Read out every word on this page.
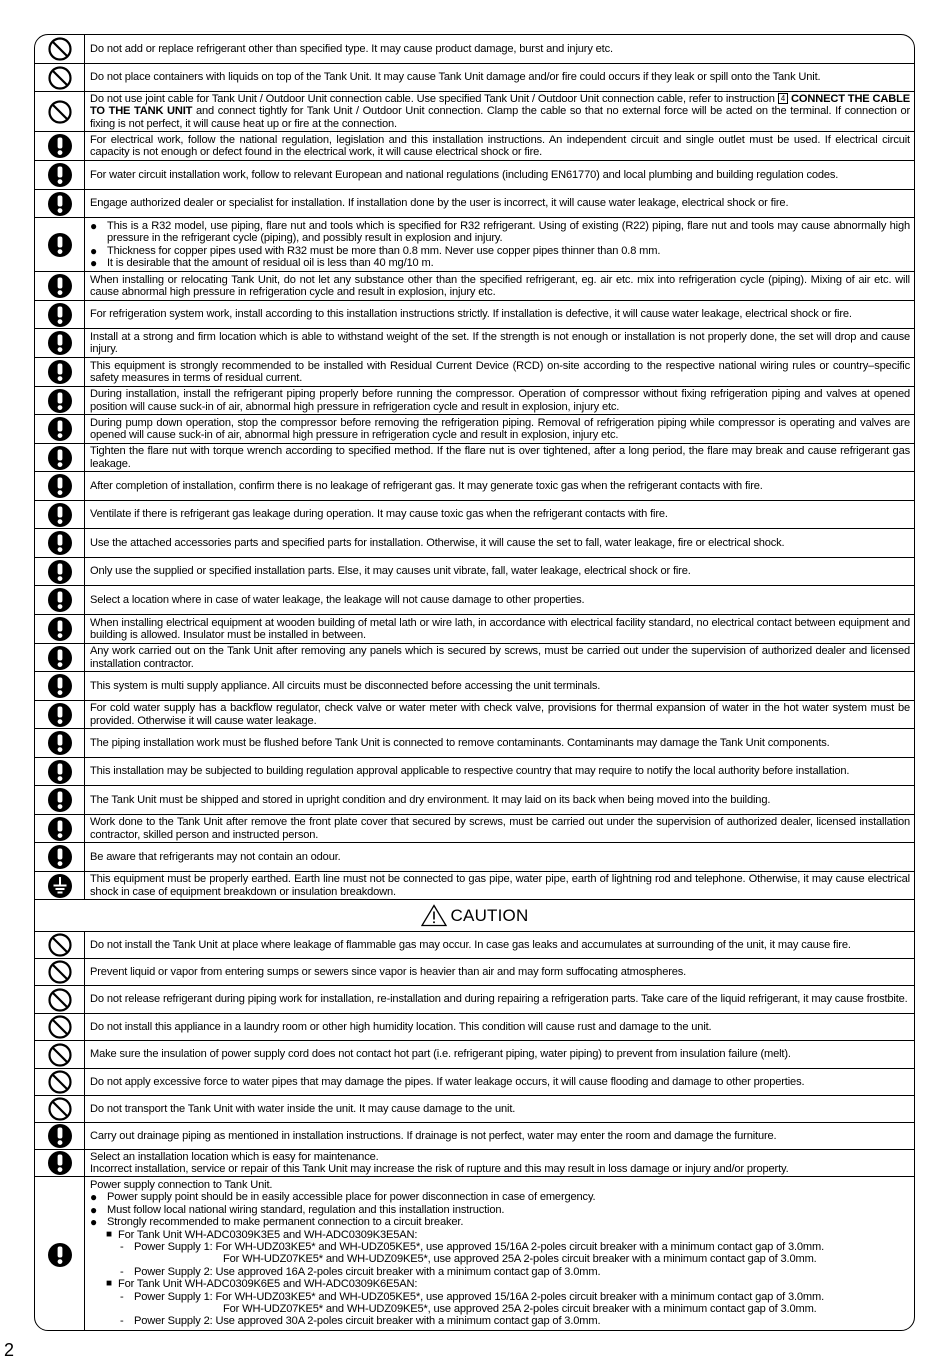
Do not add or replace refrigerant other than specified type. It may cause product damage, burst and injury etc.
Do not place containers with liquids on top of the Tank Unit. It may cause Tank Unit damage and/or fire could occurs if they leak or spill onto the Tank Unit.
Do not use joint cable for Tank Unit / Outdoor Unit connection cable. Use specified Tank Unit / Outdoor Unit connection cable, refer to instruction 4 CONNECT THE CABLE TO THE TANK UNIT and connect tightly for Tank Unit / Outdoor Unit connection. Clamp the cable so that no external force will be acted on the terminal. If connection or fixing is not perfect, it will cause heat up or fire at the connection.
For electrical work, follow the national regulation, legislation and this installation instructions. An independent circuit and single outlet must be used. If electrical circuit capacity is not enough or defect found in the electrical work, it will cause electrical shock or fire.
For water circuit installation work, follow to relevant European and national regulations (including EN61770) and local plumbing and building regulation codes.
Engage authorized dealer or specialist for installation. If installation done by the user is incorrect, it will cause water leakage, electrical shock or fire.
● This is a R32 model, use piping, flare nut and tools which is specified for R32 refrigerant. Using of existing (R22) piping, flare nut and tools may cause abnormally high pressure in the refrigerant cycle (piping), and possibly result in explosion and injury.
● Thickness for copper pipes used with R32 must be more than 0.8 mm. Never use copper pipes thinner than 0.8 mm.
● It is desirable that the amount of residual oil is less than 40 mg/10 m.
When installing or relocating Tank Unit, do not let any substance other than the specified refrigerant, eg. air etc. mix into refrigeration cycle (piping). Mixing of air etc. will cause abnormal high pressure in refrigeration cycle and result in explosion, injury etc.
For refrigeration system work, install according to this installation instructions strictly. If installation is defective, it will cause water leakage, electrical shock or fire.
Install at a strong and firm location which is able to withstand weight of the set. If the strength is not enough or installation is not properly done, the set will drop and cause injury.
This equipment is strongly recommended to be installed with Residual Current Device (RCD) on-site according to the respective national wiring rules or country–specific safety measures in terms of residual current.
During installation, install the refrigerant piping properly before running the compressor. Operation of compressor without fixing refrigeration piping and valves at opened position will cause suck-in of air, abnormal high pressure in refrigeration cycle and result in explosion, injury etc.
During pump down operation, stop the compressor before removing the refrigeration piping. Removal of refrigeration piping while compressor is operating and valves are opened will cause suck-in of air, abnormal high pressure in refrigeration cycle and result in explosion, injury etc.
Tighten the flare nut with torque wrench according to specified method. If the flare nut is over tightened, after a long period, the flare may break and cause refrigerant gas leakage.
After completion of installation, confirm there is no leakage of refrigerant gas. It may generate toxic gas when the refrigerant contacts with fire.
Ventilate if there is refrigerant gas leakage during operation. It may cause toxic gas when the refrigerant contacts with fire.
Use the attached accessories parts and specified parts for installation. Otherwise, it will cause the set to fall, water leakage, fire or electrical shock.
Only use the supplied or specified installation parts. Else, it may causes unit vibrate, fall, water leakage, electrical shock or fire.
Select a location where in case of water leakage, the leakage will not cause damage to other properties.
When installing electrical equipment at wooden building of metal lath or wire lath, in accordance with electrical facility standard, no electrical contact between equipment and building is allowed. Insulator must be installed in between.
Any work carried out on the Tank Unit after removing any panels which is secured by screws, must be carried out under the supervision of authorized dealer and licensed installation contractor.
This system is multi supply appliance. All circuits must be disconnected before accessing the unit terminals.
For cold water supply has a backflow regulator, check valve or water meter with check valve, provisions for thermal expansion of water in the hot water system must be provided. Otherwise it will cause water leakage.
The piping installation work must be flushed before Tank Unit is connected to remove contaminants. Contaminants may damage the Tank Unit components.
This installation may be subjected to building regulation approval applicable to respective country that may require to notify the local authority before installation.
The Tank Unit must be shipped and stored in upright condition and dry environment. It may laid on its back when being moved into the building.
Work done to the Tank Unit after remove the front plate cover that secured by screws, must be carried out under the supervision of authorized dealer, licensed installation contractor, skilled person and instructed person.
Be aware that refrigerants may not contain an odour.
This equipment must be properly earthed. Earth line must not be connected to gas pipe, water pipe, earth of lightning rod and telephone. Otherwise, it may cause electrical shock in case of equipment breakdown or insulation breakdown.
CAUTION
Do not install the Tank Unit at place where leakage of flammable gas may occur. In case gas leaks and accumulates at surrounding of the unit, it may cause fire.
Prevent liquid or vapor from entering sumps or sewers since vapor is heavier than air and may form suffocating atmospheres.
Do not release refrigerant during piping work for installation, re-installation and during repairing a refrigeration parts. Take care of the liquid refrigerant, it may cause frostbite.
Do not install this appliance in a laundry room or other high humidity location. This condition will cause rust and damage to the unit.
Make sure the insulation of power supply cord does not contact hot part (i.e. refrigerant piping, water piping) to prevent from insulation failure (melt).
Do not apply excessive force to water pipes that may damage the pipes. If water leakage occurs, it will cause flooding and damage to other properties.
Do not transport the Tank Unit with water inside the unit. It may cause damage to the unit.
Carry out drainage piping as mentioned in installation instructions. If drainage is not perfect, water may enter the room and damage the furniture.
Select an installation location which is easy for maintenance.
Incorrect installation, service or repair of this Tank Unit may increase the risk of rupture and this may result in loss damage or injury and/or property.
Power supply connection to Tank Unit.
● Power supply point should be in easily accessible place for power disconnection in case of emergency.
● Must follow local national wiring standard, regulation and this installation instruction.
● Strongly recommended to make permanent connection to a circuit breaker.
■ For Tank Unit WH-ADC0309K3E5 and WH-ADC0309K3E5AN:
- Power Supply 1: For WH-UDZ03KE5* and WH-UDZ05KE5*, use approved 15/16A 2-poles circuit breaker with a minimum contact gap of 3.0mm.
For WH-UDZ07KE5* and WH-UDZ09KE5*, use approved 25A 2-poles circuit breaker with a minimum contact gap of 3.0mm.
- Power Supply 2: Use approved 16A 2-poles circuit breaker with a minimum contact gap of 3.0mm.
■ For Tank Unit WH-ADC0309K6E5 and WH-ADC0309K6E5AN:
- Power Supply 1: For WH-UDZ03KE5* and WH-UDZ05KE5*, use approved 15/16A 2-poles circuit breaker with a minimum contact gap of 3.0mm.
For WH-UDZ07KE5* and WH-UDZ09KE5*, use approved 25A 2-poles circuit breaker with a minimum contact gap of 3.0mm.
- Power Supply 2: Use approved 30A 2-poles circuit breaker with a minimum contact gap of 3.0mm.
2
